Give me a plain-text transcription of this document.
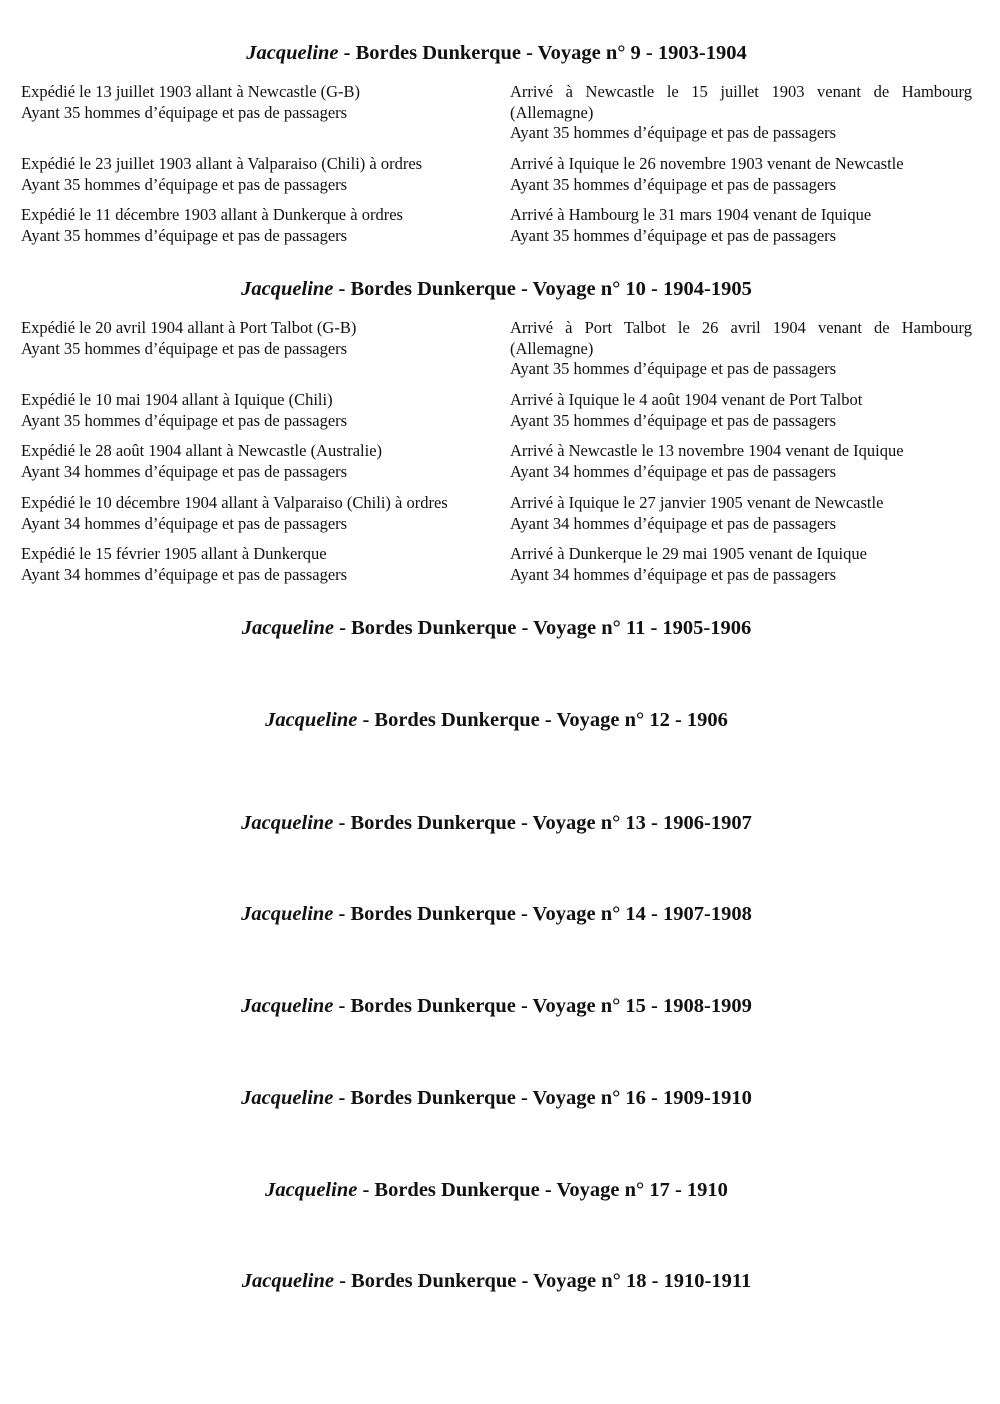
Jacqueline - Bordes Dunkerque - Voyage n° 9 - 1903-1904
Expédié le 13 juillet 1903 allant à Newcastle (G-B)
Ayant 35 hommes d’équipage et pas de passagers
Arrivé à Newcastle le 15 juillet 1903 venant de Hambourg (Allemagne)
Ayant 35 hommes d’équipage et pas de passagers
Expédié le 23 juillet 1903 allant à Valparaiso (Chili) à ordres
Ayant 35 hommes d’équipage et pas de passagers
Arrivé à Iquique le 26 novembre 1903 venant de Newcastle
Ayant 35 hommes d’équipage et pas de passagers
Expédié le 11 décembre 1903 allant à Dunkerque à ordres
Ayant 35 hommes d’équipage et pas de passagers
Arrivé à Hambourg le 31 mars 1904 venant de Iquique
Ayant 35 hommes d’équipage et pas de passagers
Jacqueline - Bordes Dunkerque - Voyage n° 10 - 1904-1905
Expédié le 20 avril 1904 allant à Port Talbot (G-B)
Ayant 35 hommes d’équipage et pas de passagers
Arrivé à Port Talbot le 26 avril 1904 venant de Hambourg (Allemagne)
Ayant 35 hommes d’équipage et pas de passagers
Expédié le 10 mai 1904 allant à Iquique (Chili)
Ayant 35 hommes d’équipage et pas de passagers
Arrivé à Iquique le 4 août 1904 venant de Port Talbot
Ayant 35 hommes d’équipage et pas de passagers
Expédié le 28 août 1904 allant à Newcastle (Australie)
Ayant 34 hommes d’équipage et pas de passagers
Arrivé à Newcastle le 13 novembre 1904 venant de Iquique
Ayant 34 hommes d’équipage et pas de passagers
Expédié le 10 décembre 1904 allant à Valparaiso (Chili) à ordres
Ayant 34 hommes d’équipage et pas de passagers
Arrivé à Iquique le 27 janvier 1905 venant de Newcastle
Ayant 34 hommes d’équipage et pas de passagers
Expédié le 15 février 1905 allant à Dunkerque
Ayant 34 hommes d’équipage et pas de passagers
Arrivé à Dunkerque le 29 mai 1905 venant de Iquique
Ayant 34 hommes d’équipage et pas de passagers
Jacqueline - Bordes Dunkerque - Voyage n° 11 - 1905-1906
Jacqueline - Bordes Dunkerque - Voyage n° 12 - 1906
Jacqueline - Bordes Dunkerque - Voyage n° 13 - 1906-1907
Jacqueline - Bordes Dunkerque - Voyage n° 14 - 1907-1908
Jacqueline - Bordes Dunkerque - Voyage n° 15 - 1908-1909
Jacqueline - Bordes Dunkerque - Voyage n° 16 - 1909-1910
Jacqueline - Bordes Dunkerque - Voyage n° 17 - 1910
Jacqueline - Bordes Dunkerque - Voyage n° 18 - 1910-1911
